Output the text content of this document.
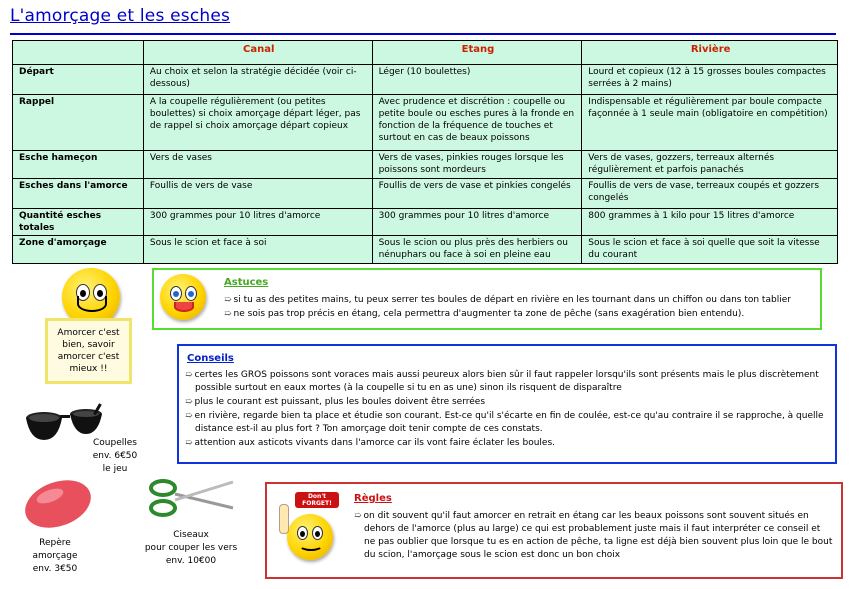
L'amorçage et les esches
	Canal	Etang	Rivière
Départ	Au choix et selon la stratégie décidée (voir ci-dessous)	Léger (10 boulettes)	Lourd et copieux (12 à 15 grosses boules compactes serrées à 2 mains)
Rappel	A la coupelle régulièrement (ou petites boulettes) si choix amorçage départ léger, pas de rappel si choix amorçage départ copieux	Avec prudence et discrétion : coupelle ou petite boule ou esches pures à la fronde en fonction de la fréquence de touches et surtout en cas de beaux poissons	Indispensable et régulièrement par boule compacte façonnée à 1 seule main (obligatoire en compétition)
Esche hameçon	Vers de vases	Vers de vases, pinkies rouges lorsque les poissons sont mordeurs	Vers de vases, gozzers, terreaux alternés régulièrement et parfois panachés
Esches dans l'amorce	Foullis de vers de vase	Foullis de vers de vase et pinkies congelés	Foullis de vers de vase, terreaux coupés et gozzers congelés
Quantité esches totales	300 grammes pour 10 litres d'amorce	300 grammes pour 10 litres d'amorce	800 grammes à 1 kilo pour 15 litres d'amorce
Zone d'amorçage	Sous le scion et face à soi	Sous le scion ou plus près des herbiers ou nénuphars ou face à soi en pleine eau	Sous le scion et face à soi quelle que soit la vitesse du courant
Amorcer c'est
bien, savoir
amorcer c'est
mieux !!
Astuces
➯ si tu as des petites mains, tu peux serrer tes boules de départ en rivière en les tournant dans un chiffon ou dans ton tablier
➯ ne sois pas trop précis en étang, cela permettra d'augmenter ta zone de pêche (sans exagération bien entendu).
Coupelles
env. 6€50
le jeu
Conseils
➯ certes les GROS poissons sont voraces mais aussi peureux alors bien sûr il faut rappeler lorsqu'ils sont présents mais le plus discrètement possible surtout en eaux mortes (à la coupelle si tu en as une) sinon ils risquent de disparaître
➯ plus le courant est puissant, plus les boules doivent être serrées
➯ en rivière, regarde bien ta place et étudie son courant. Est-ce qu'il s'écarte en fin de coulée, est-ce qu'au contraire il se rapproche, à quelle distance est-il au plus fort ? Ton amorçage doit tenir compte de ces constats.
➯ attention aux asticots vivants dans l'amorce car ils vont faire éclater les boules.
Repère
amorçage
env. 3€50
Ciseaux
pour couper les vers
env. 10€00
Don't FORGET!	Règles
➯ on dit souvent qu'il faut amorcer en retrait en étang car les beaux poissons sont souvent situés en dehors de l'amorce (plus au large) ce qui est probablement juste mais il faut interpréter ce conseil et ne pas oublier que lorsque tu es en action de pêche, ta ligne est déjà bien souvent plus loin que le bout du scion, l'amorçage sous le scion est donc un bon choix
